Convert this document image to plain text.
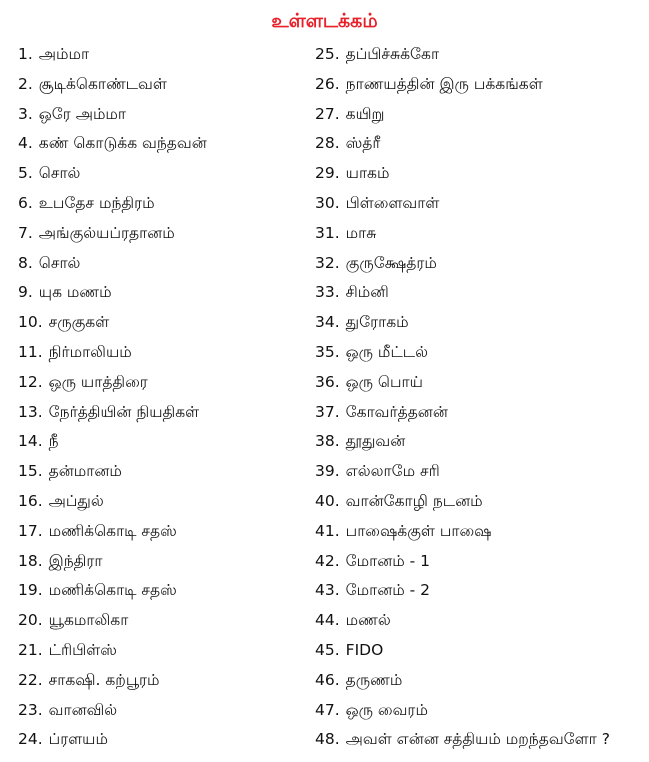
உள்ளடக்கம்
1. அம்மா
2. சூடிக்கொண்டவள்
3. ஒரே அம்மா
4. கண் கொடுக்க வந்தவன்
5. சொல்
6. உபதேச மந்திரம்
7. அங்குல்யப்ரதானம்
8. சொல்
9. யுக மணம்
10. சருகுகள்
11. நிர்மாலியம்
12. ஒரு யாத்திரை
13. நேர்த்தியின் நியதிகள்
14. நீ
15. தன்மானம்
16. அப்துல்
17. மணிக்கொடி சதஸ்
18. இந்திரா
19. மணிக்கொடி சதஸ்
20. யூகமாலிகா
21. ட்ரிபிள்ஸ்
22. சாகஷி. கற்பூரம்
23. வானவில்
24. ப்ரளயம்
25. தப்பிச்சுக்கோ
26. நாணயத்தின் இரு பக்கங்கள்
27. கயிறு
28. ஸ்த்ரீ
29. யாகம்
30. பிள்ளைவாள்
31. மாசு
32. குருக்ஷேத்ரம்
33. சிம்னி
34. துரோகம்
35. ஒரு மீட்டல்
36. ஒரு பொய்
37. கோவர்த்தனன்
38. தூதுவன்
39. எல்லாமே சரி
40. வான்கோழி நடனம்
41. பாஷைக்குள் பாஷை
42. மோனம் - 1
43. மோனம் - 2
44. மணல்
45. FIDO
46. தருணம்
47. ஒரு வைரம்
48. அவள் என்ன சத்தியம் மறந்தவளோ ?
